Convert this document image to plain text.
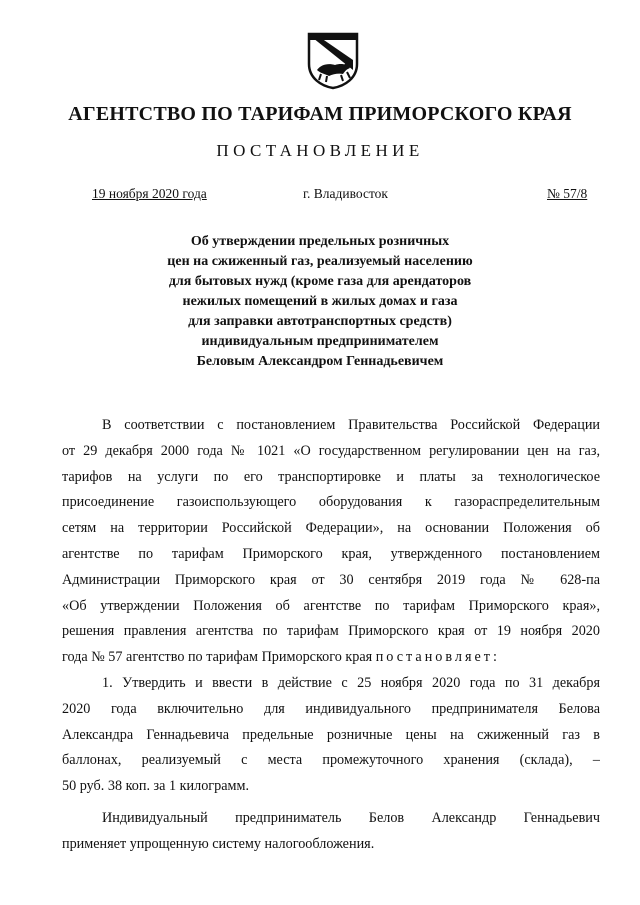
АГЕНТСТВО ПО ТАРИФАМ ПРИМОРСКОГО КРАЯ
ПОСТАНОВЛЕНИЕ
19 ноября 2020 года	г. Владивосток	№ 57/8
Об утверждении предельных розничных
цен на сжиженный газ, реализуемый населению
для бытовых нужд (кроме газа для арендаторов
нежилых помещений в жилых домах и газа
для заправки автотранспортных средств)
индивидуальным предпринимателем
Беловым Александром Геннадьевичем
В соответствии с постановлением Правительства Российской Федерации
от 29 декабря 2000 года № 1021 «О государственном регулировании цен на газ,
тарифов на услуги по его транспортировке и платы за технологическое
присоединение газоиспользующего оборудования к газораспределительным
сетям на территории Российской Федерации», на основании Положения об
агентстве по тарифам Приморского края, утвержденного постановлением
Администрации Приморского края от 30 сентября 2019 года № 628-па
«Об утверждении Положения об агентстве по тарифам Приморского края»,
решения правления агентства по тарифам Приморского края от 19 ноября 2020
года № 57 агентство по тарифам Приморского края постановляет:
1. Утвердить и ввести в действие с 25 ноября 2020 года по 31 декабря
2020 года включительно для индивидуального предпринимателя Белова
Александра Геннадьевича предельные розничные цены на сжиженный газ в
баллонах, реализуемый с места промежуточного хранения (склада), –
50 руб. 38 коп. за 1 килограмм.
Индивидуальный предприниматель Белов Александр Геннадьевич
применяет упрощенную систему налогообложения.
